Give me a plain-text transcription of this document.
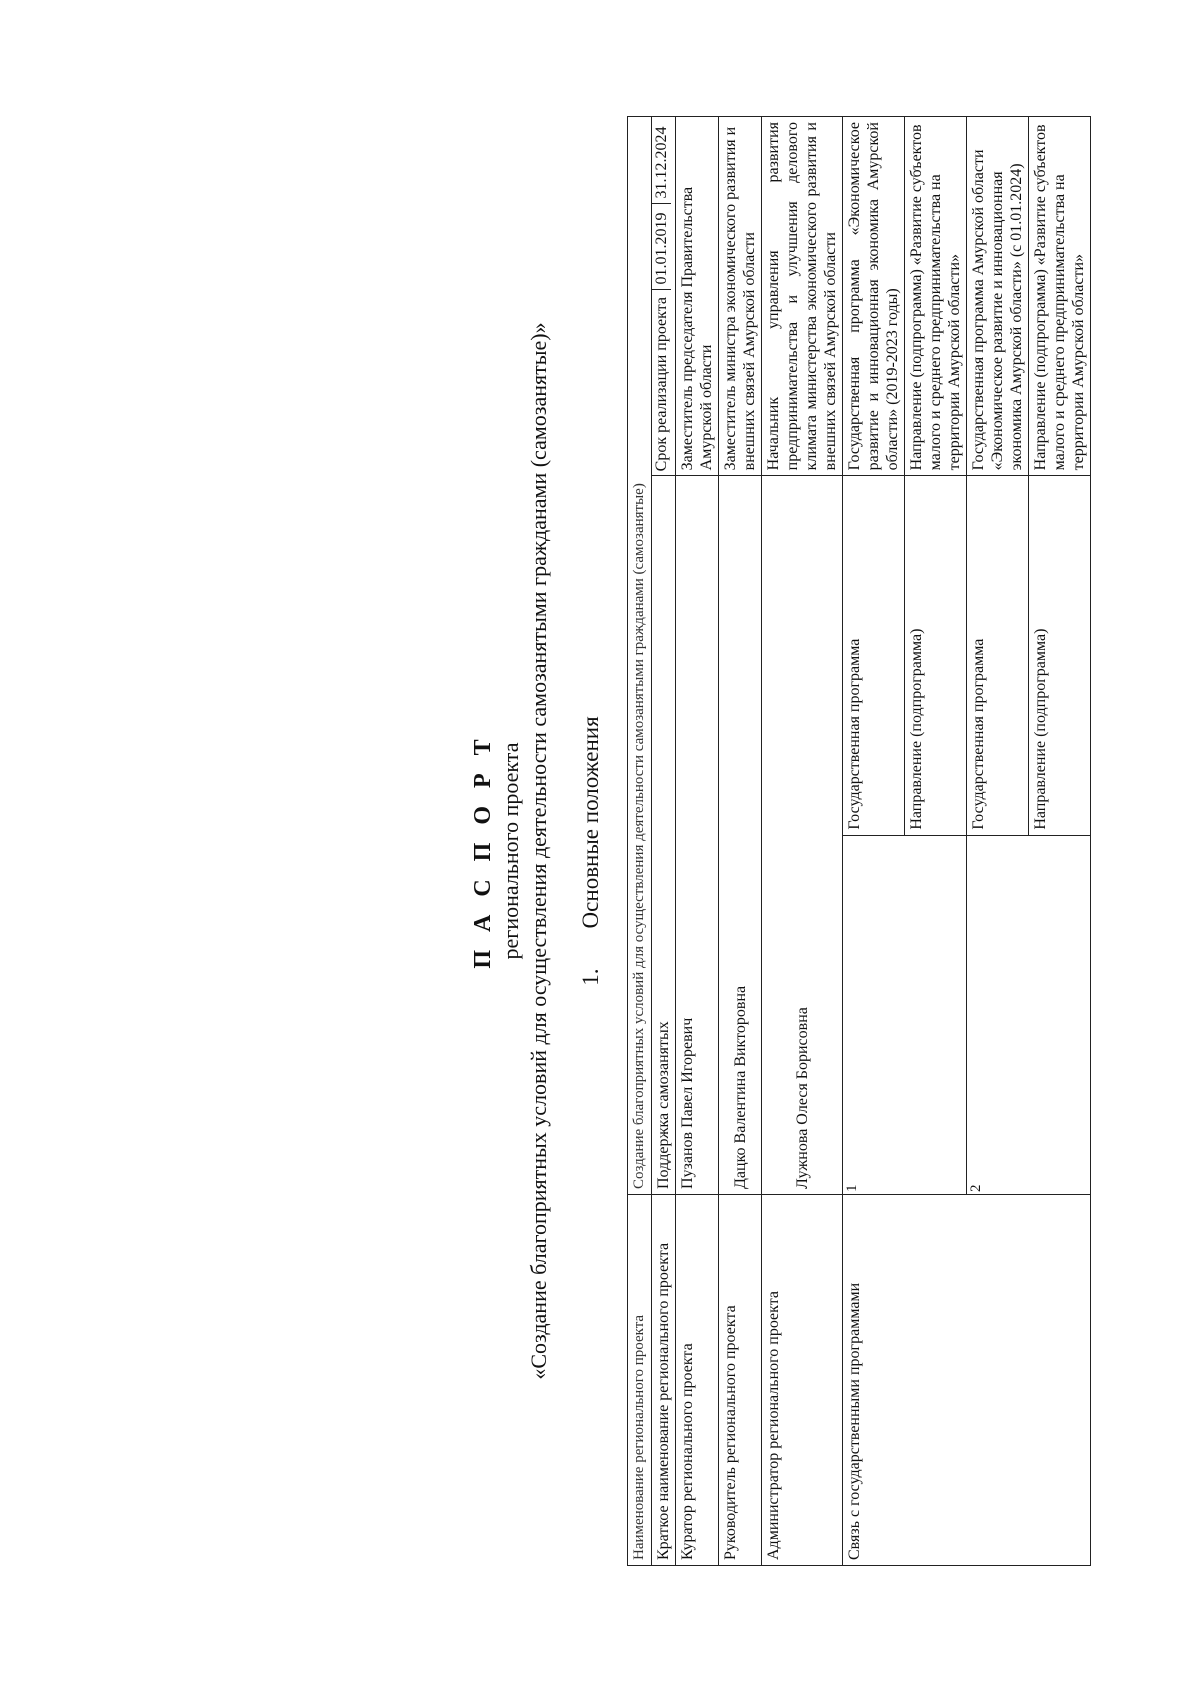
П А С П О Р Т регионального проекта «Создание благоприятных условий для осуществления деятельности самозанятыми гражданами (самозанятые)» 1.Основные положения
Наименование регионального проекта	Создание благоприятных условий для осуществления деятельности самозанятыми гражданами (самозанятые)
Краткое наименование регионального проекта	Поддержка самозанятых	
Срок реализации проекта	01.01.2019	31.12.2024

Куратор регионального проекта	Пузанов Павел Игоревич	Заместитель председателя Правительства Амурской области
Руководитель регионального проекта	Дацко Валентина Викторовна	Заместитель министра экономического развития и внешних связей Амурской области
Администратор регионального проекта	Лужнова Олеся Борисовна	Начальник управления развития предпринимательства и улучшения делового климата министерства экономического развития и внешних связей Амурской области
Связь с государственными программами	1	Государственная программа	Государственная программа «Экономическое развитие и инновационная экономика Амурской области» (2019-2023 годы)
Направление (подпрограмма)	Направление (подпрограмма) «Развитие субъектов малого и среднего предпринимательства на территории Амурской области»
2	Государственная программа	Государственная программа Амурской области «Экономическое развитие и инновационная экономика Амурской области» (с 01.01.2024)
Направление (подпрограмма)	Направление (подпрограмма) «Развитие субъектов малого и среднего предпринимательства на территории Амурской области»
